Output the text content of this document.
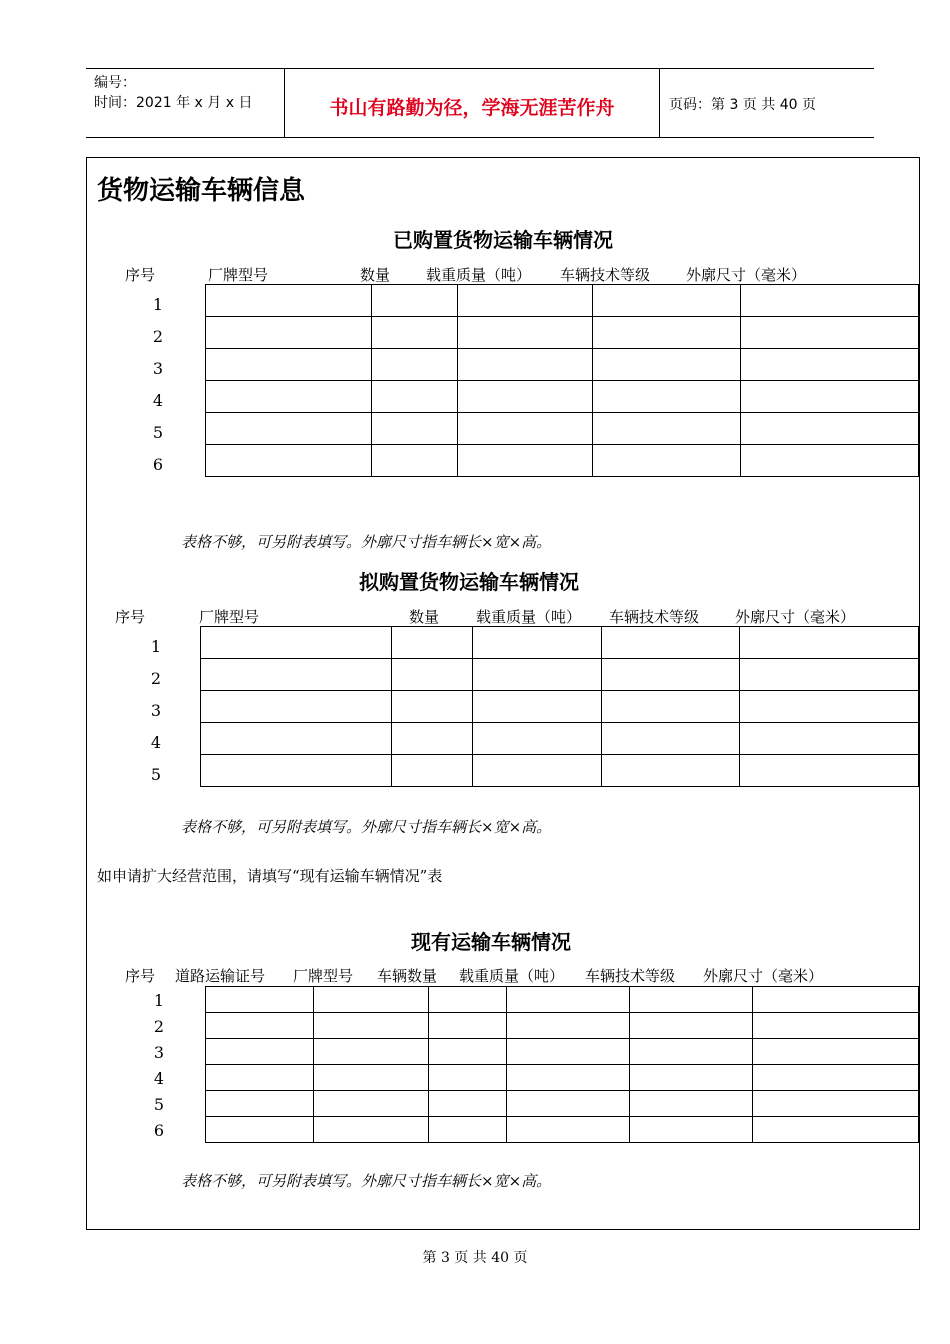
编号：
时间：2021 年 x 月 x 日	书山有路勤为径，学海无涯苦作舟	页码：第 3 页 共 40 页
货物运输车辆信息
已购置货物运输车辆情况
序号	厂牌型号	数量 载重质量（吨） 车辆技术等级 外廓尺寸（毫米）
1
2
3
4
5
6

表格不够，可另附表填写。外廓尺寸指车辆长×宽×高。
拟购置货物运输车辆情况
序号	厂牌型号	数量 载重质量（吨） 车辆技术等级 外廓尺寸（毫米）
1
2
3
4
5

表格不够，可另附表填写。外廓尺寸指车辆长×宽×高。
如申请扩大经营范围，请填写“现有运输车辆情况”表
现有运输车辆情况
序号 道路运输证号 厂牌型号 车辆数量 载重质量（吨） 车辆技术等级 外廓尺寸（毫米）
1
2
3
4
5
6

表格不够，可另附表填写。外廓尺寸指车辆长×宽×高。
第 3 页 共 40 页
